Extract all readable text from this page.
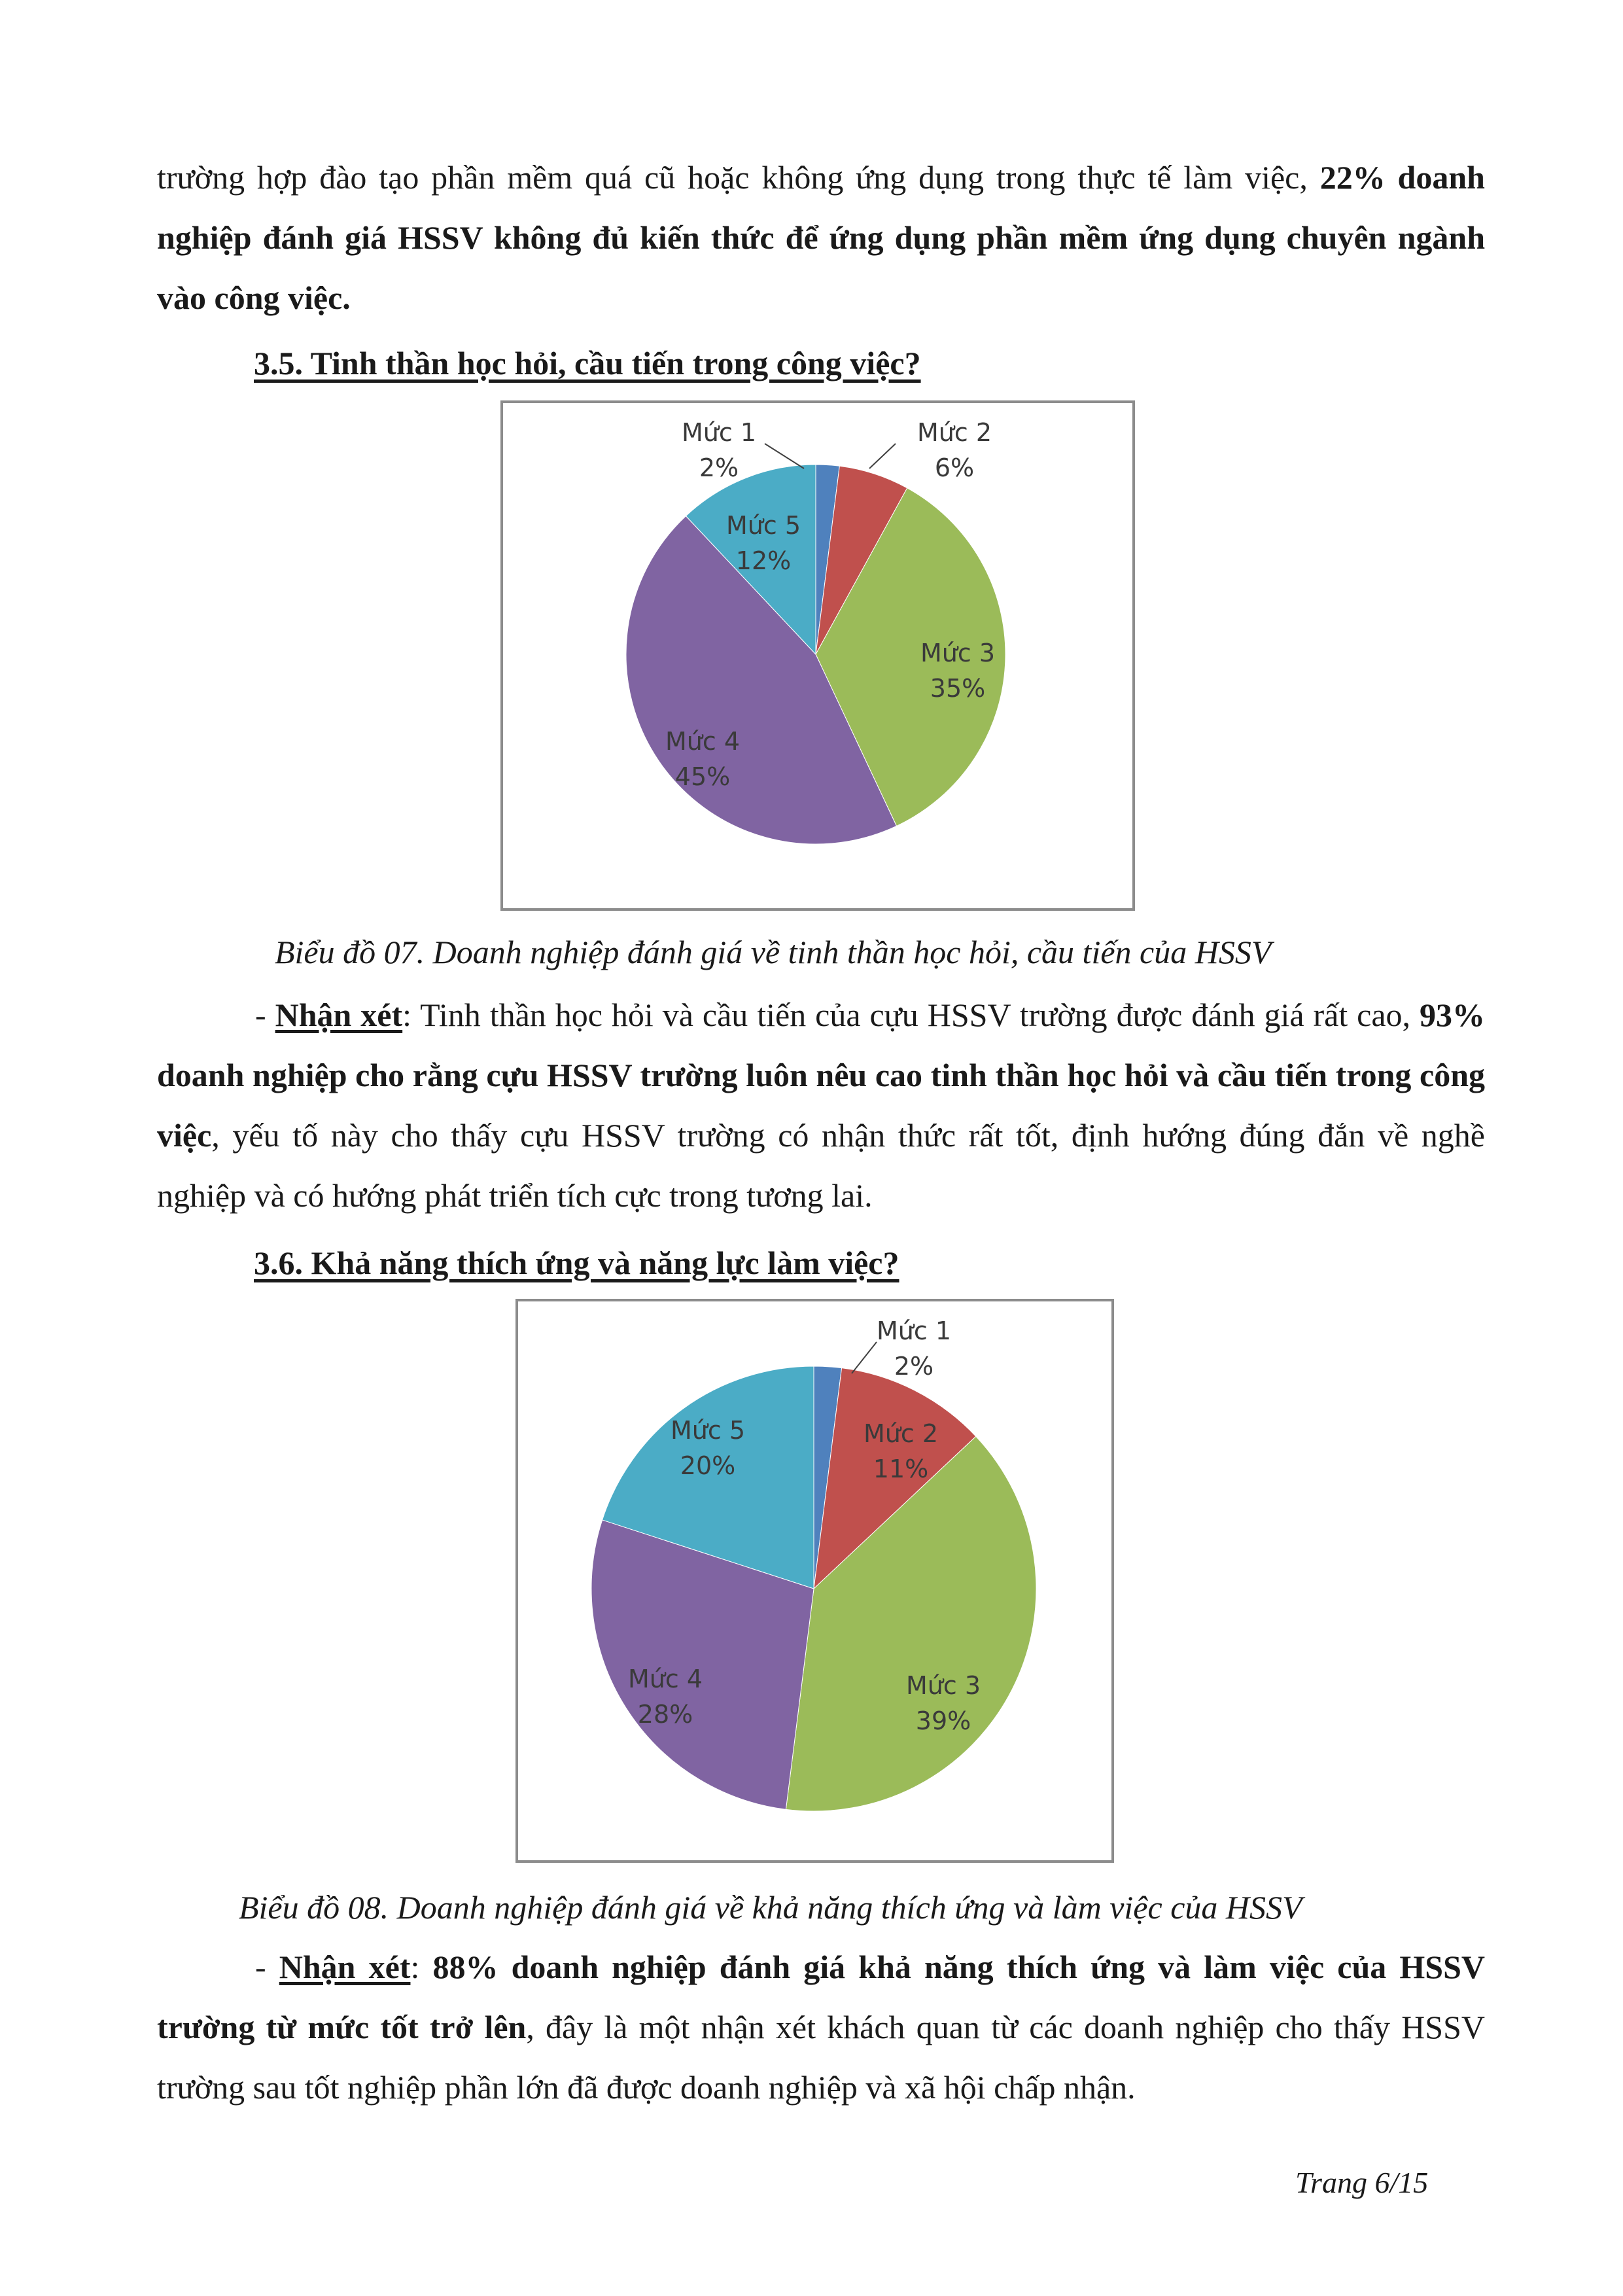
trường hợp đào tạo phần mềm quá cũ hoặc không ứng dụng trong thực tế làm việc, 22% doanh nghiệp đánh giá HSSV không đủ kiến thức để ứng dụng phần mềm ứng dụng chuyên ngành vào công việc.
3.5. Tinh thần học hỏi, cầu tiến trong công việc?
Mức 1
2%
Mức 2
6%
Mức 3
35%
Mức 4
45%
Mức 5
12%
Biểu đồ 07. Doanh nghiệp đánh giá về tinh thần học hỏi, cầu tiến của HSSV
- Nhận xét: Tinh thần học hỏi và cầu tiến của cựu HSSV trường được đánh giá rất cao, 93% doanh nghiệp cho rằng cựu HSSV trường luôn nêu cao tinh thần học hỏi và cầu tiến trong công việc, yếu tố này cho thấy cựu HSSV trường có nhận thức rất tốt, định hướng đúng đắn về nghề nghiệp và có hướng phát triển tích cực trong tương lai.
3.6. Khả năng thích ứng và năng lực làm việc?
Mức 1
2%
Mức 2
11%
Mức 3
39%
Mức 4
28%
Mức 5
20%
Biểu đồ 08. Doanh nghiệp đánh giá về khả năng thích ứng và làm việc của HSSV
- Nhận xét: 88% doanh nghiệp đánh giá khả năng thích ứng và làm việc của HSSV trường từ mức tốt trở lên, đây là một nhận xét khách quan từ các doanh nghiệp cho thấy HSSV trường sau tốt nghiệp phần lớn đã được doanh nghiệp và xã hội chấp nhận.
Trang 6/15
